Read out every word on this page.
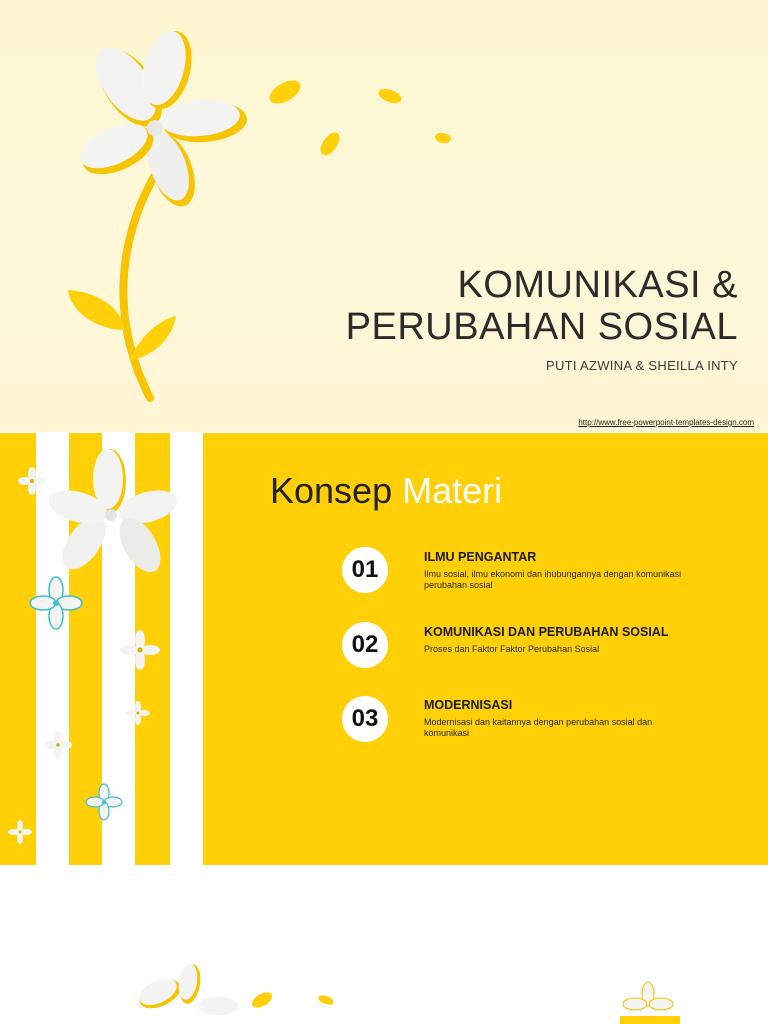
KOMUNIKASI &
PERUBAHAN SOSIAL
PUTI AZWINA & SHEILLA INTY
http://www.free-powerpoint-templates-design.com
Konsep Materi
01	ILMU PENGANTAR
Ilmu sosial, ilmu ekonomi dan ihubungannya dengan komunikasi perubahan sosial
02	KOMUNIKASI DAN PERUBAHAN SOSIAL
Proses dan Faktor Faktor Perubahan Sosial
03	MODERNISASI
Modernisasi dan kaitannya dengan perubahan sosial dan komunikasi
